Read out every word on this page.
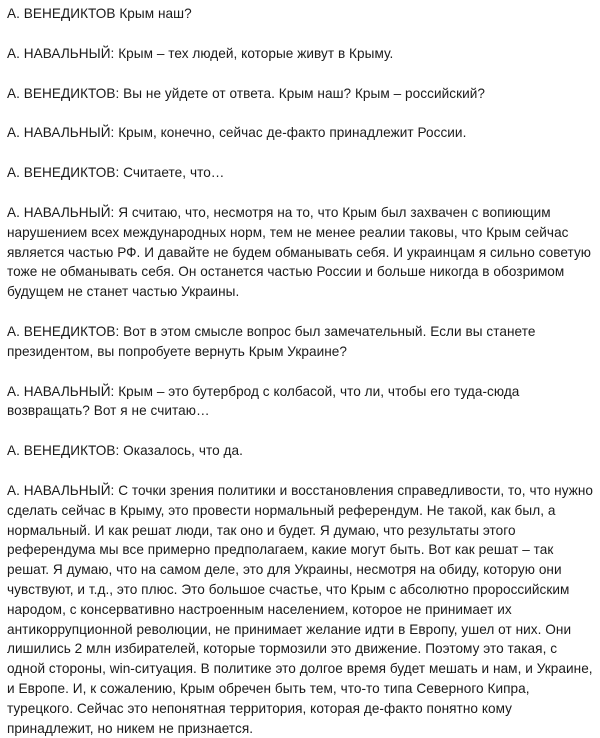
А. ВЕНЕДИКТОВ Крым наш?

А. НАВАЛЬНЫЙ: Крым – тех людей, которые живут в Крыму.

А. ВЕНЕДИКТОВ: Вы не уйдете от ответа. Крым наш? Крым – российский?

А. НАВАЛЬНЫЙ: Крым, конечно, сейчас де-факто принадлежит России.

А. ВЕНЕДИКТОВ: Считаете, что…

А. НАВАЛЬНЫЙ: Я считаю, что, несмотря на то, что Крым был захвачен с вопиющим нарушением всех международных норм, тем не менее реалии таковы, что Крым сейчас является частью РФ. И давайте не будем обманывать себя. И украинцам я сильно советую тоже не обманывать себя. Он останется частью России и больше никогда в обозримом будущем не станет частью Украины.

А. ВЕНЕДИКТОВ: Вот в этом смысле вопрос был замечательный. Если вы станете президентом, вы попробуете вернуть Крым Украине?

А. НАВАЛЬНЫЙ: Крым – это бутерброд с колбасой, что ли, чтобы его туда-сюда возвращать? Вот я не считаю…

А. ВЕНЕДИКТОВ: Оказалось, что да.

А. НАВАЛЬНЫЙ: С точки зрения политики и восстановления справедливости, то, что нужно сделать сейчас в Крыму, это провести нормальный референдум. Не такой, как был, а нормальный. И как решат люди, так оно и будет. Я думаю, что результаты этого референдума мы все примерно предполагаем, какие могут быть. Вот как решат – так решат. Я думаю, что на самом деле, это для Украины, несмотря на обиду, которую они чувствуют, и т.д., это плюс. Это большое счастье, что Крым с абсолютно пророссийским народом, с консервативно настроенным населением, которое не принимает их антикоррупционной революции, не принимает желание идти в Европу, ушел от них. Они лишились 2 млн избирателей, которые тормозили это движение. Поэтому это такая, с одной стороны, win-ситуация. В политике это долгое время будет мешать и нам, и Украине, и Европе. И, к сожалению, Крым обречен быть тем, что-то типа Северного Кипра, турецкого. Сейчас это непонятная территория, которая де-факто понятно кому принадлежит, но никем не признается.
